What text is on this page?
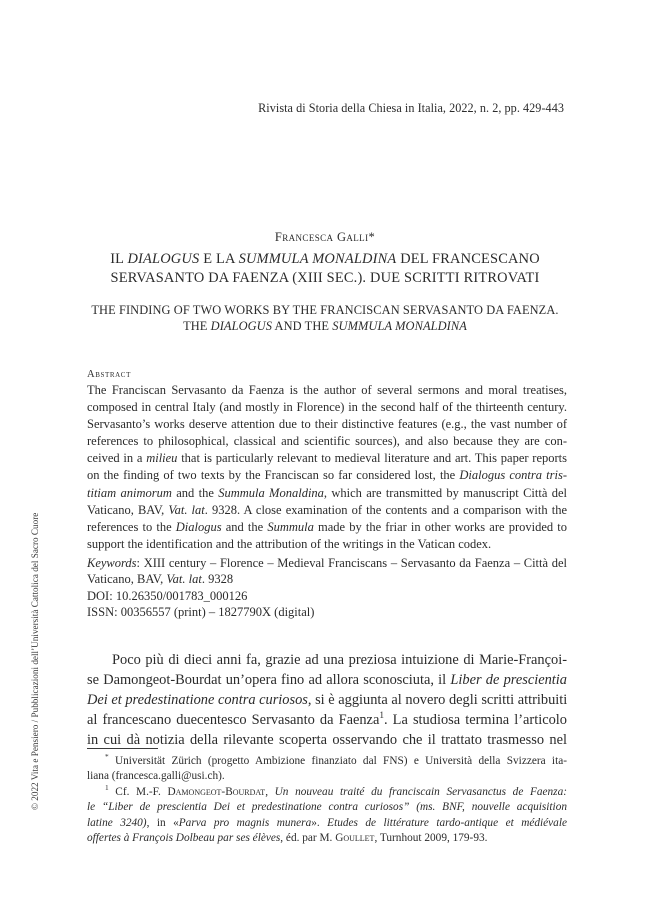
Rivista di Storia della Chiesa in Italia, 2022, n. 2, pp. 429-443
© 2022 Vita e Pensiero / Pubblicazioni dell’Università Cattolica del Sacro Cuore
Francesca Galli*
IL DIALOGUS E LA SUMMULA MONALDINA DEL FRANCESCANO
SERVASANTO DA FAENZA (XIII SEC.). DUE SCRITTI RITROVATI
THE FINDING OF TWO WORKS BY THE FRANCISCAN SERVASANTO DA FAENZA.
THE DIALOGUS AND THE SUMMULA MONALDINA
Abstract
The Franciscan Servasanto da Faenza is the author of several sermons and moral treatises,
composed in central Italy (and mostly in Florence) in the second half of the thirteenth century.
Servasanto’s works deserve attention due to their distinctive features (e.g., the vast number of
references to philosophical, classical and scientific sources), and also because they are con-
ceived in a milieu that is particularly relevant to medieval literature and art. This paper reports
on the finding of two texts by the Franciscan so far considered lost, the Dialogus contra tris-
titiam animorum and the Summula Monaldina, which are transmitted by manuscript Città del
Vaticano, BAV, Vat. lat. 9328. A close examination of the contents and a comparison with the
references to the Dialogus and the Summula made by the friar in other works are provided to
support the identification and the attribution of the writings in the Vatican codex.
Keywords: XIII century – Florence – Medieval Franciscans – Servasanto da Faenza – Città del
Vaticano, BAV, Vat. lat. 9328
DOI: 10.26350/001783_000126
ISSN: 00356557 (print) – 1827790X (digital)
Poco più di dieci anni fa, grazie ad una preziosa intuizione di Marie-Françoi-
se Damongeot-Bourdat un’opera fino ad allora sconosciuta, il Liber de prescientia
Dei et predestinatione contra curiosos, si è aggiunta al novero degli scritti attribuiti
al francescano duecentesco Servasanto da Faenza$^1$. La studiosa termina l’articolo
in cui dà notizia della rilevante scoperta osservando che il trattato trasmesso nel
* Universität Zürich (progetto Ambizione finanziato dal FNS) e Università della Svizzera ita-
liana (francesca.galli@usi.ch).
$^1$ Cf. M.-F. Damongeot-Bourdat, Un nouveau traité du franciscain Servasanctus de Faenza:
le “Liber de prescientia Dei et predestinatione contra curiosos” (ms. BNF, nouvelle acquisition
latine 3240), in «Parva pro magnis munera». Etudes de littérature tardo-antique et médiévale
offertes à François Dolbeau par ses élèves, éd. par M. Goullet, Turnhout 2009, 179-93.
